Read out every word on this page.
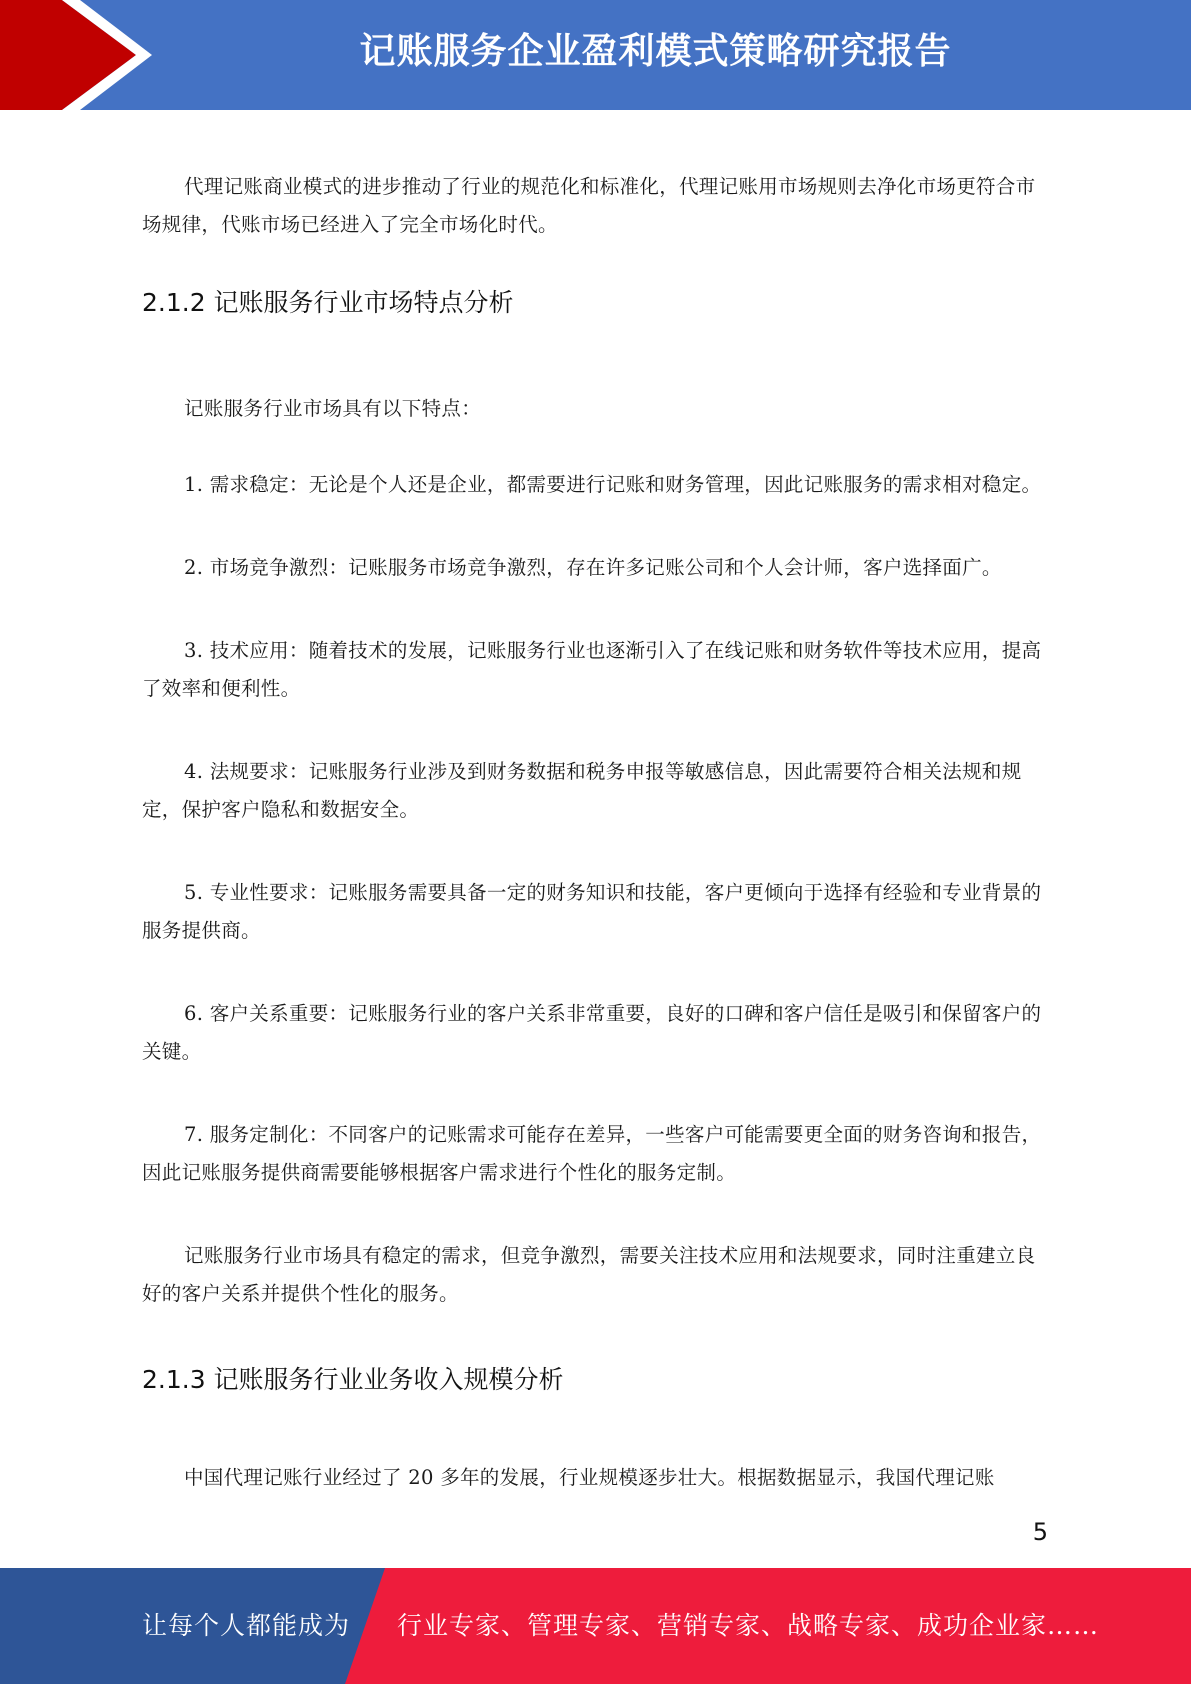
记账服务企业盈利模式策略研究报告

代理记账商业模式的进步推动了行业的规范化和标准化，代理记账用市场规则去净化市场更符合市场规律，代账市场已经进入了完全市场化时代。

2.1.2 记账服务行业市场特点分析

记账服务行业市场具有以下特点：

1. 需求稳定：无论是个人还是企业，都需要进行记账和财务管理，因此记账服务的需求相对稳定。

2. 市场竞争激烈：记账服务市场竞争激烈，存在许多记账公司和个人会计师，客户选择面广。

3. 技术应用：随着技术的发展，记账服务行业也逐渐引入了在线记账和财务软件等技术应用，提高了效率和便利性。

4. 法规要求：记账服务行业涉及到财务数据和税务申报等敏感信息，因此需要符合相关法规和规定，保护客户隐私和数据安全。

5. 专业性要求：记账服务需要具备一定的财务知识和技能，客户更倾向于选择有经验和专业背景的服务提供商。

6. 客户关系重要：记账服务行业的客户关系非常重要，良好的口碑和客户信任是吸引和保留客户的关键。

7. 服务定制化：不同客户的记账需求可能存在差异，一些客户可能需要更全面的财务咨询和报告，因此记账服务提供商需要能够根据客户需求进行个性化的服务定制。

记账服务行业市场具有稳定的需求，但竞争激烈，需要关注技术应用和法规要求，同时注重建立良好的客户关系并提供个性化的服务。

2.1.3 记账服务行业业务收入规模分析

中国代理记账行业经过了 20 多年的发展，行业规模逐步壮大。根据数据显示，我国代理记账

5
让每个人都能成为 行业专家、管理专家、营销专家、战略专家、成功企业家……
